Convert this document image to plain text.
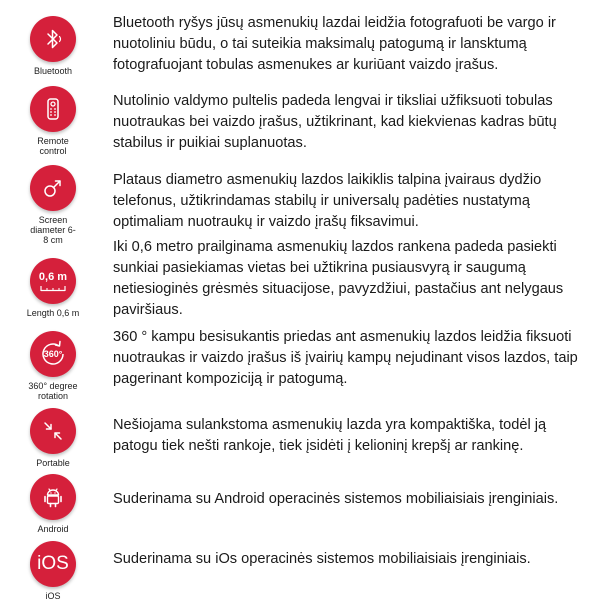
Bluetooth
Bluetooth ryšys jūsų asmenukių lazdai leidžia fotografuoti be vargo ir nuotoliniu būdu, o tai suteikia maksimalų patogumą ir lansktumą fotografuojant tobulas asmenukes ar kuriūant vaizdo įrašus.
Remote control
Nutolinio valdymo pultelis padeda lengvai ir tiksliai užfiksuoti tobulas nuotraukas bei vaizdo įrašus, užtikrinant, kad kiekvienas kadras būtų stabilus ir puikiai suplanuotas.
Screen diameter 6-8 cm
Plataus diametro asmenukių lazdos laikiklis talpina įvairaus dydžio telefonus, užtikrindamas stabilų ir universalų padėties nustatymą optimaliam nuotraukų ir vaizdo įrašų fiksavimui.
0,6 m
Length 0,6 m
Iki 0,6 metro prailginama asmenukių lazdos rankena padeda pasiekti sunkiai pasiekiamas vietas bei užtikrina pusiausvyrą ir saugumą netiesioginės grėsmės situacijose, pavyzdžiui, pastačius ant nelygaus paviršiaus.
360°
360° degree rotation
360 ° kampu besisukantis priedas ant asmenukių lazdos leidžia fiksuoti nuotraukas ir vaizdo įrašus iš įvairių kampų nejudinant visos lazdos, taip pagerinant kompoziciją ir patogumą.
Portable
Nešiojama sulankstoma asmenukių lazda yra kompaktiška, todėl ją patogu tiek nešti rankoje, tiek įsidėti į kelioninį krepšį ar rankinę.
Android
Suderinama su Android operacinės sistemos mobiliaisiais įrenginiais.
iOS
iOS
Suderinama su iOs operacinės sistemos mobiliaisiais įrenginiais.
